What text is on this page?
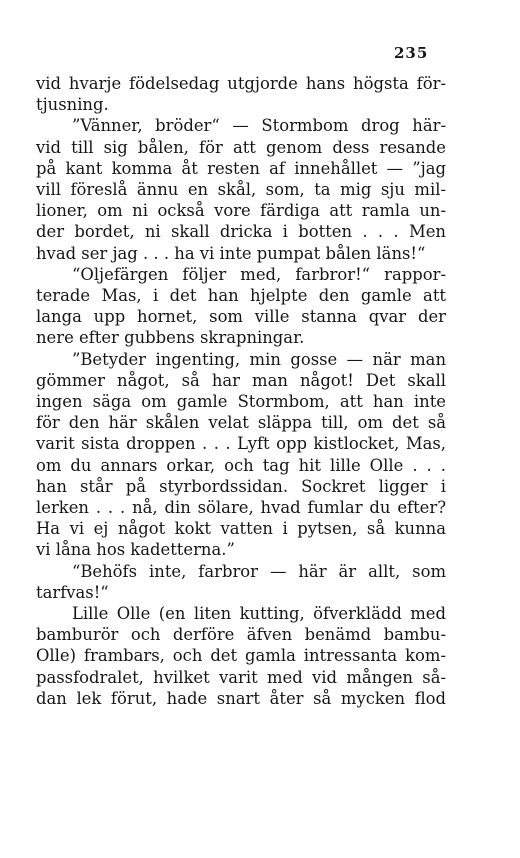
235
vid hvarje födelsedag utgjorde hans högsta för-
tjusning.
”Vänner, bröder“ — Stormbom drog här-
vid till sig bålen, för att genom dess resande
på kant komma åt resten af innehållet — ”jag
vill föreslå ännu en skål, som, ta mig sju mil-
lioner, om ni också vore färdiga att ramla un-
der bordet, ni skall dricka i botten . . . Men
hvad ser jag . . . ha vi inte pumpat bålen läns!“
“Oljefärgen följer med, farbror!“ rappor-
terade Mas, i det han hjelpte den gamle att
langa upp hornet, som ville stanna qvar der
nere efter gubbens skrapningar.
”Betyder ingenting, min gosse — när man
gömmer något, så har man något! Det skall
ingen säga om gamle Stormbom, att han inte
för den här skålen velat släppa till, om det så
varit sista droppen . . . Lyft opp kistlocket, Mas,
om du annars orkar, och tag hit lille Olle . . .
han står på styrbordssidan. Sockret ligger i
lerken . . . nå, din sölare, hvad fumlar du efter?
Ha vi ej något kokt vatten i pytsen, så kunna
vi låna hos kadetterna.”
“Behöfs inte, farbror — här är allt, som
tarfvas!“
Lille Olle (en liten kutting, öfverklädd med
bamburör och derföre äfven benämd bambu-
Olle) frambars, och det gamla intressanta kom-
passfodralet, hvilket varit med vid mången så-
dan lek förut, hade snart åter så mycken flod
